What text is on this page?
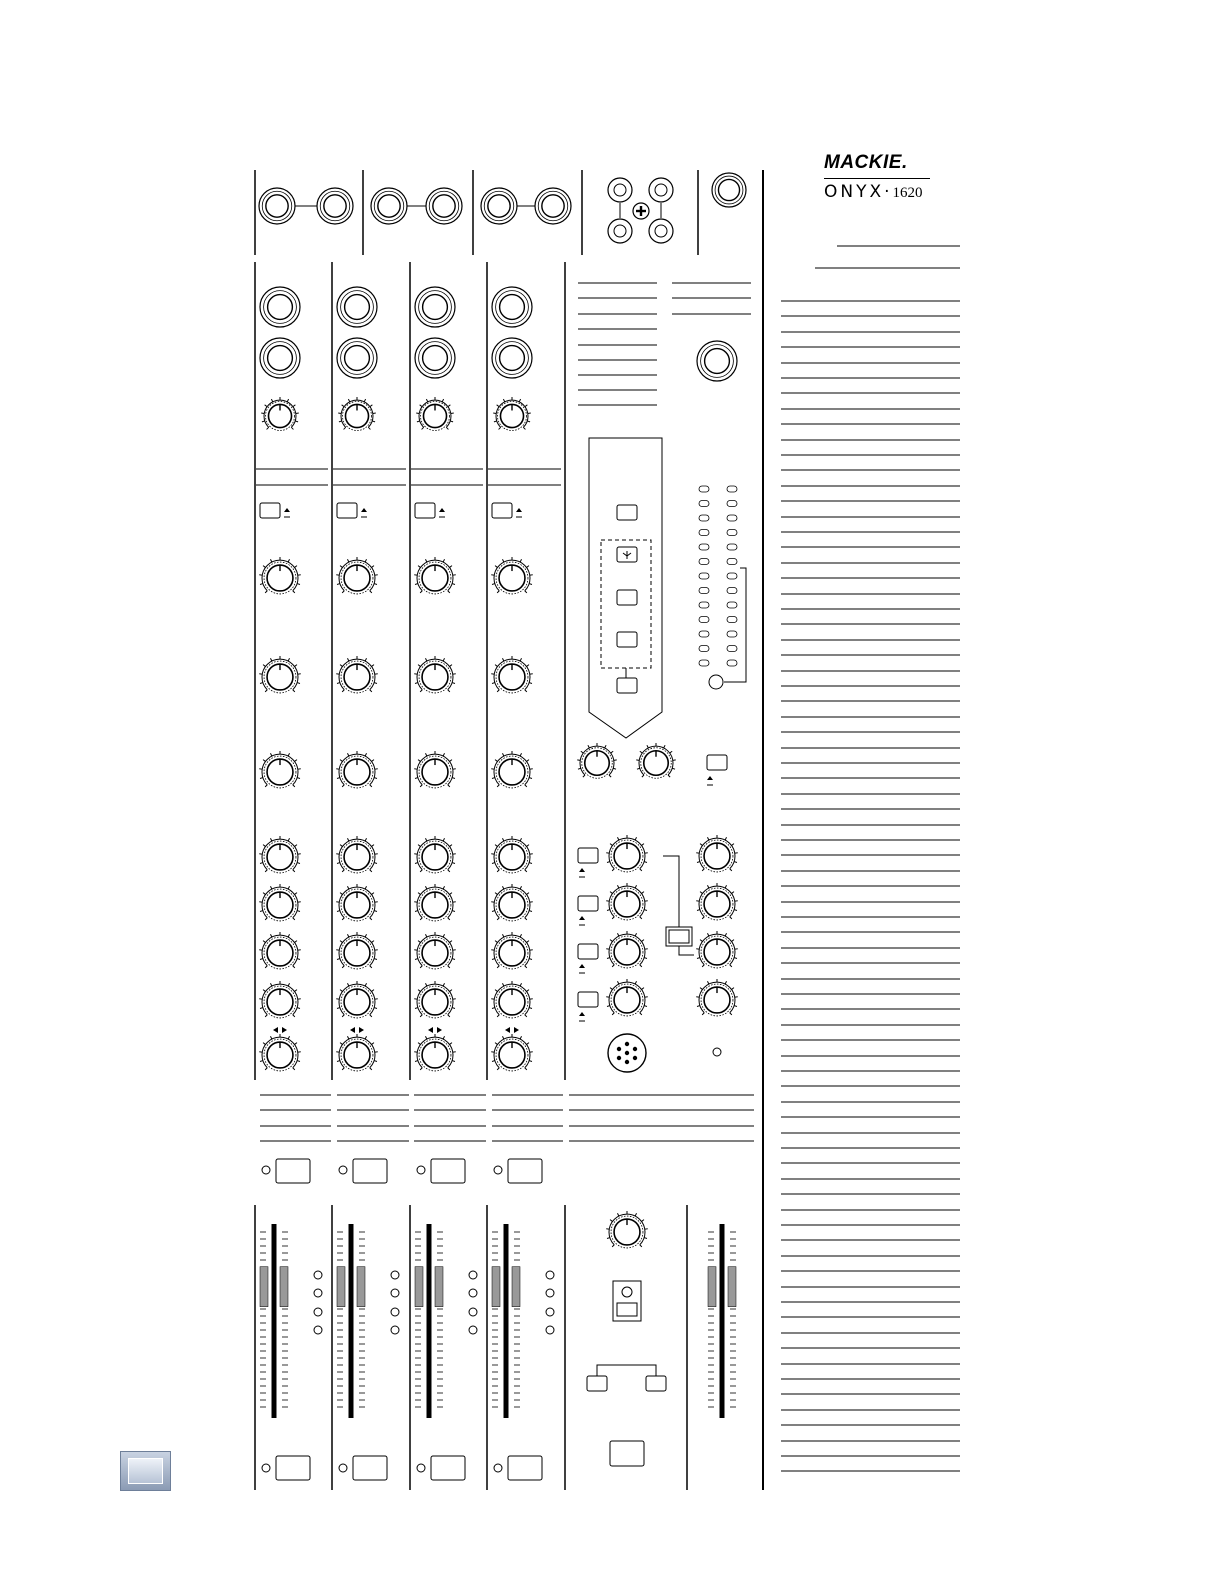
MACKIE.
ONYX·1620
